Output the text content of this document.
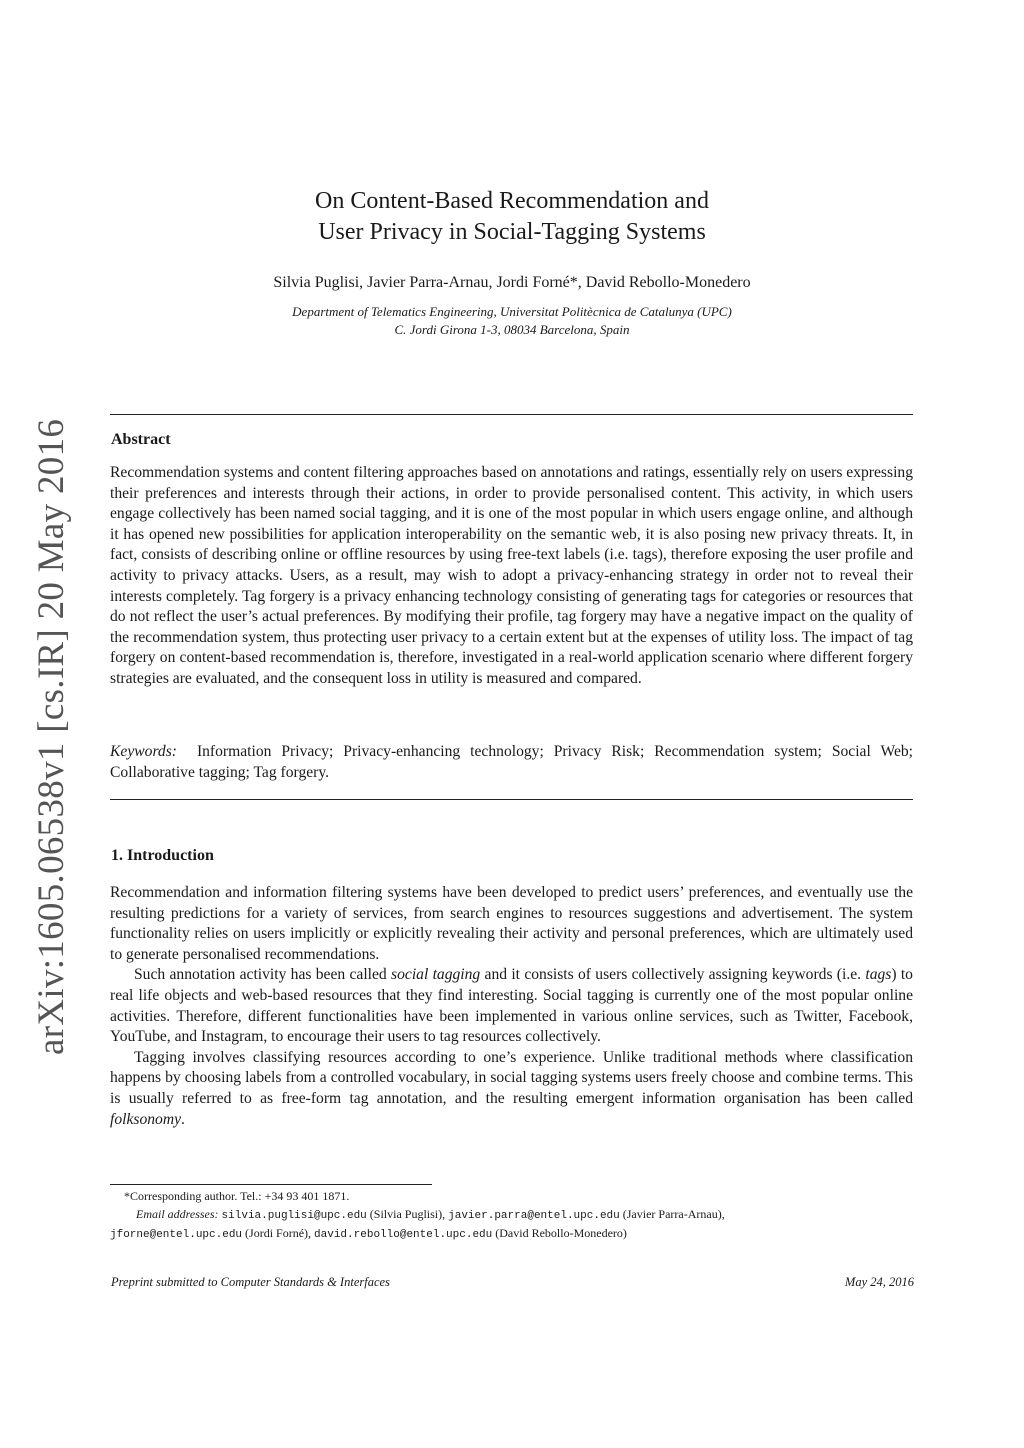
arXiv:1605.06538v1 [cs.IR] 20 May 2016
On Content-Based Recommendation and
User Privacy in Social-Tagging Systems
Silvia Puglisi, Javier Parra-Arnau, Jordi Forné*, David Rebollo-Monedero
Department of Telematics Engineering, Universitat Politècnica de Catalunya (UPC)
C. Jordi Girona 1-3, 08034 Barcelona, Spain
Abstract
Recommendation systems and content filtering approaches based on annotations and ratings, essentially rely on users expressing their preferences and interests through their actions, in order to provide personalised content. This activity, in which users engage collectively has been named social tagging, and it is one of the most popular in which users engage online, and although it has opened new possibilities for application interoperability on the semantic web, it is also posing new privacy threats. It, in fact, consists of describing online or offline resources by using free-text labels (i.e. tags), therefore exposing the user profile and activity to privacy attacks. Users, as a result, may wish to adopt a privacy-enhancing strategy in order not to reveal their interests completely. Tag forgery is a privacy enhancing technology consisting of generating tags for categories or resources that do not reflect the user’s actual preferences. By modifying their profile, tag forgery may have a negative impact on the quality of the recommendation system, thus protecting user privacy to a certain extent but at the expenses of utility loss. The impact of tag forgery on content-based recommendation is, therefore, investigated in a real-world application scenario where different forgery strategies are evaluated, and the consequent loss in utility is measured and compared.
Keywords: Information Privacy; Privacy-enhancing technology; Privacy Risk; Recommendation system; Social Web; Collaborative tagging; Tag forgery.
1. Introduction

Recommendation and information filtering systems have been developed to predict users’ preferences, and eventually use the resulting predictions for a variety of services, from search engines to resources suggestions and advertisement. The system functionality relies on users implicitly or explicitly revealing their activity and personal preferences, which are ultimately used to generate personalised recommendations.

Such annotation activity has been called social tagging and it consists of users collectively assigning keywords (i.e. tags) to real life objects and web-based resources that they find interesting. Social tagging is currently one of the most popular online activities. Therefore, different functionalities have been implemented in various online services, such as Twitter, Facebook, YouTube, and Instagram, to encourage their users to tag resources collectively.

Tagging involves classifying resources according to one’s experience. Unlike traditional methods where classification happens by choosing labels from a controlled vocabulary, in social tagging systems users freely choose and combine terms. This is usually referred to as free-form tag annotation, and the resulting emergent information organisation has been called folksonomy.

*Corresponding author. Tel.: +34 93 401 1871.
Email addresses: silvia.puglisi@upc.edu (Silvia Puglisi), javier.parra@entel.upc.edu (Javier Parra-Arnau),
jforne@entel.upc.edu (Jordi Forné), david.rebollo@entel.upc.edu (David Rebollo-Monedero)
Preprint submitted to Computer Standards & Interfaces	May 24, 2016
